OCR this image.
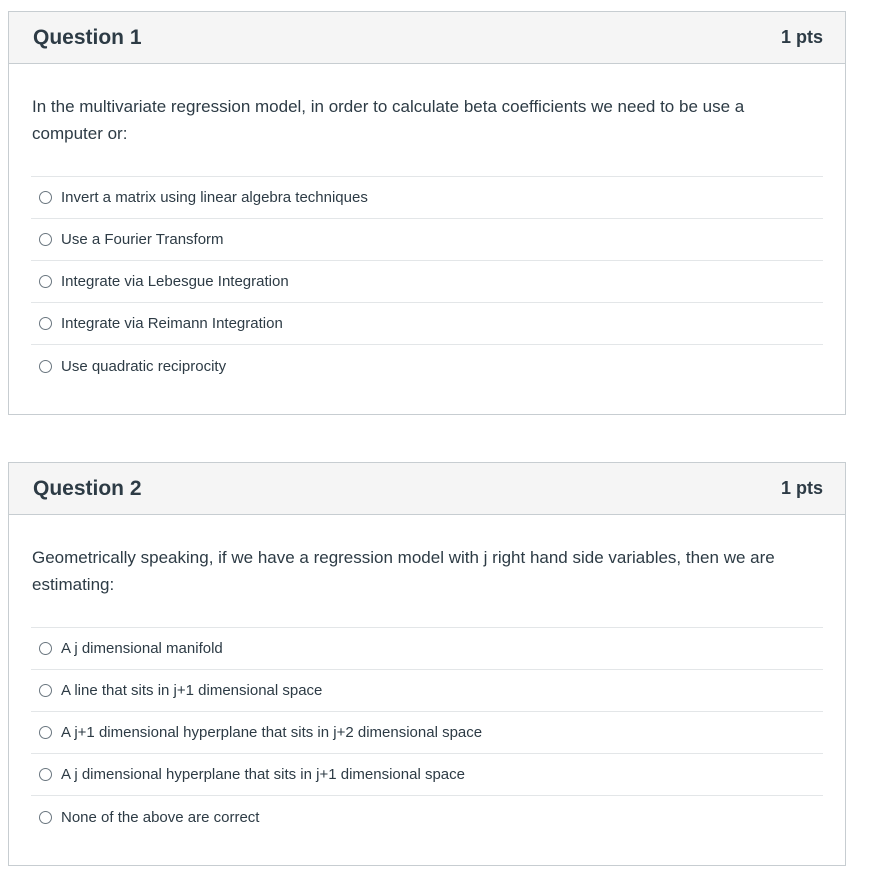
Question 1	1 pts
In the multivariate regression model, in order to calculate beta coefficients we need to be use a computer or:
Invert a matrix using linear algebra techniques
Use a Fourier Transform
Integrate via Lebesgue Integration
Integrate via Reimann Integration
Use quadratic reciprocity
Question 2	1 pts
Geometrically speaking, if we have a regression model with j right hand side variables, then we are estimating:
A j dimensional manifold
A line that sits in j+1 dimensional space
A j+1 dimensional hyperplane that sits in j+2 dimensional space
A j dimensional hyperplane that sits in j+1 dimensional space
None of the above are correct
